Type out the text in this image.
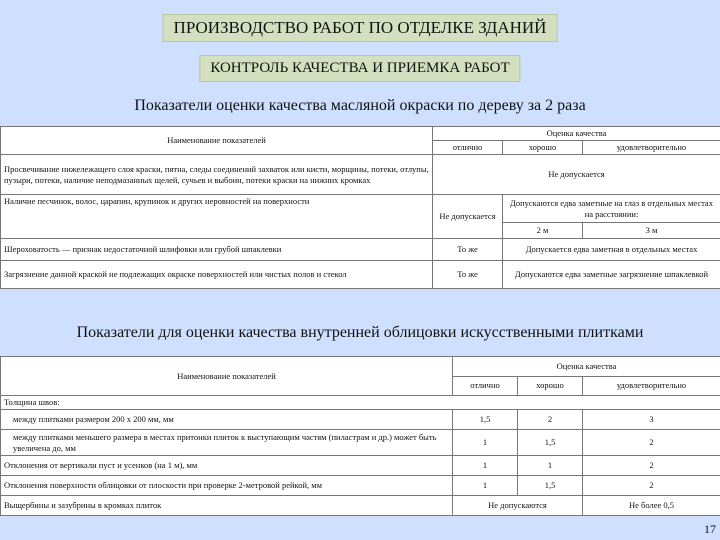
ПРОИЗВОДСТВО РАБОТ ПО ОТДЕЛКЕ ЗДАНИЙ
КОНТРОЛЬ КАЧЕСТВА И ПРИЕМКА РАБОТ
Показатели оценки качества масляной окраски по дереву за 2 раза
Наименование показателей	Оценка качества		
	отлично	хорошо	удовлетворительно
Просвечивание нижележащего слоя краски, пятна, следы соединений захваток или кисти, морщины, потеки, отлупы, пузыри, потеки, наличие неподмазанных щелей, сучьев и выбоин, потеки краски на нижних кромках	Не допускается		
Наличие песчинок, волос, царапин, крупинок и других неровностей на поверхности	Не допускается	Допускаются едва заметные на глаз в отдельных местах на расстоянии:	
		2 м	3 м
Шероховатость — признак недостаточной шлифовки или грубой шпаклевки	То же	Допускается едва заметная в отдельных местах	
Загрязнение данной краской не подлежащих окраске поверхностей или чистых полов и стекол	То же	Допускаются едва заметные загрязнение шпаклевкой	
Показатели для оценки качества внутренней облицовки искусственными плитками
Наименование показателей	Оценка качества		
	отлично	хорошо	удовлетворительно
Толщина швов:			
между плитками размером 200 х 200 мм, мм	1,5	2	3
между плитками меньшего размера в местах притонки плиток к выступающим частям (пиластрам и др.) может быть увеличена до, мм	1	1,5	2
Отклонения от вертикали пуст и усенков (на 1 м), мм	1	1	2
Отклонения поверхности облицовки от плоскости при проверке 2-метровой рейкой, мм	1	1,5	2
Выщербины и зазубрины в кромках плиток	Не допускаются		Не более 0,5
17
